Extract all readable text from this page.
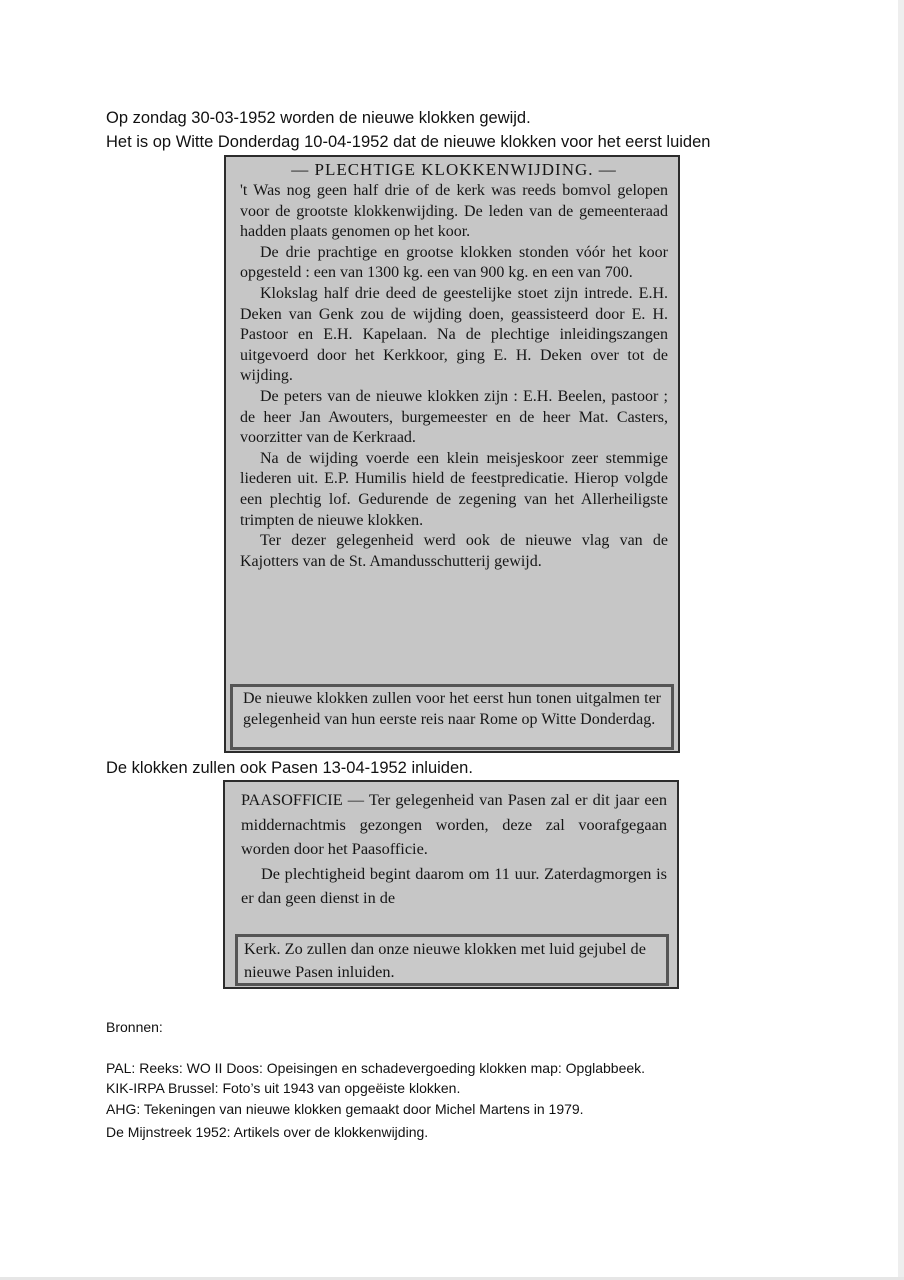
Op zondag 30-03-1952 worden de nieuwe klokken gewijd.
Het is op Witte Donderdag 10-04-1952 dat de nieuwe klokken voor het eerst luiden
— PLECHTIGE KLOKKENWIJDING. —
't Was nog geen half drie of de kerk was reeds bomvol gelopen voor de grootste klokkenwijding. De leden van de gemeenteraad hadden plaats genomen op het koor.
De drie prachtige en grootse klokken stonden vóór het koor opgesteld : een van 1300 kg. een van 900 kg. en een van 700.
Klokslag half drie deed de geestelijke stoet zijn intrede. E.H. Deken van Genk zou de wijding doen, geassisteerd door E. H. Pastoor en E.H. Kapelaan. Na de plechtige inleidingszangen uitgevoerd door het Kerkkoor, ging E. H. Deken over tot de wijding.
De peters van de nieuwe klokken zijn : E.H. Beelen, pastoor ; de heer Jan Awouters, burgemeester en de heer Mat. Casters, voorzitter van de Kerkraad.
Na de wijding voerde een klein meisjeskoor zeer stemmige liederen uit. E.P. Humilis hield de feestpredicatie. Hierop volgde een plechtig lof. Gedurende de zegening van het Allerheiligste trimpten de nieuwe klokken.
Ter dezer gelegenheid werd ook de nieuwe vlag van de Kajotters van de St. Amandusschutterij gewijd.
De nieuwe klokken zullen voor het eerst hun tonen uitgalmen ter gelegenheid van hun eerste reis naar Rome op Witte Donderdag.
De klokken zullen ook Pasen 13-04-1952 inluiden.
PAASOFFICIE — Ter gelegenheid van Pasen zal er dit jaar een middernachtmis gezongen worden, deze zal voorafgegaan worden door het Paasofficie.
De plechtigheid begint daarom om 11 uur. Zaterdagmorgen is er dan geen dienst in de
Kerk. Zo zullen dan onze nieuwe klokken met luid gejubel de nieuwe Pasen inluiden.
Bronnen:
PAL: Reeks: WO II Doos: Opeisingen en schadevergoeding klokken map: Opglabbeek.
KIK-IRPA Brussel: Foto’s uit 1943 van opgeëiste klokken.
AHG: Tekeningen van nieuwe klokken gemaakt door Michel Martens in 1979.
De Mijnstreek 1952: Artikels over de klokkenwijding.
